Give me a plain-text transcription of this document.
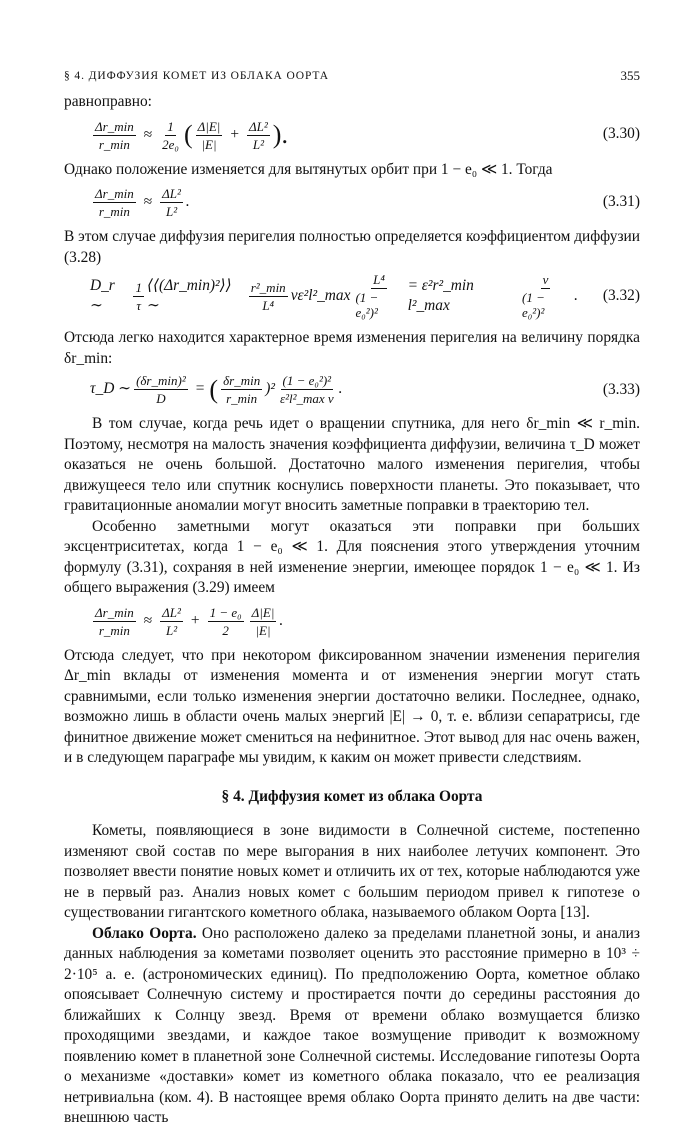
§ 4. ДИФФУЗИЯ КОМЕТ ИЗ ОБЛАКА ООРТА	355

равноправно:

$\frac{\Delta r\_\min}{r\_\min} \approx \frac{1}{\text{2e₀}}$ ( $\frac{\Delta|E|}{|E|} + \frac{\text{ΔL²}}{\text{L²}}$ ).	(3.30)

Однако положение изменяется для вытянутых орбит при 1 − e₀ ≪ 1. Тогда

$\frac{\Delta r\_\min}{r\_\min} \approx \frac{\text{ΔL²}}{\text{L²}}$ .	(3.31)

В этом случае диффузия перигелия полностью определяется коэффициентом диффузии (3.28)

D_r ∼	$\frac{1}{\tau}$ ⟨⟨(Δr_min)²⟩⟩ ∼	$\frac{\text{r²\_min}}{\text{L⁴}}$ νε²l²_max $\frac{\text{L⁴}}{\text{(1 − e₀²)²}}$ = ε²r²_min l²_max	$\frac{\nu}{\text{(1 − e₀²)²}}$ . (3.32)

Отсюда легко находится характерное время изменения перигелия на величину порядка δr_min:

τ_D ∼ $\frac{\text{(δr\_min)²}}{D}$ = ( $\frac{\delta r\_\min}{r\_\min} )^2 \frac{\text{(1 − e₀²)²}}{\text{ε²l²\_max ν}}$ .	(3.33)

В том случае, когда речь идет о вращении спутника, для него δr_min ≪ r_min. Поэтому, несмотря на малость значения коэффициента диффузии, величина τ_D может оказаться не очень большой. Достаточно малого изменения перигелия, чтобы движущееся тело или спутник коснулись поверхности планеты. Это показывает, что гравитационные аномалии могут вносить заметные поправки в траекторию тел.

Особенно заметными могут оказаться эти поправки при больших эксцентриситетах, когда 1 − e₀ ≪ 1. Для пояснения этого утверждения уточним формулу (3.31), сохраняя в ней изменение энергии, имеющее порядок 1 − e₀ ≪ 1. Из общего выражения (3.29) имеем

$\frac{\Delta r\_\min}{r\_\min} \approx \frac{\text{ΔL²}}{\text{L²}} + \frac{\text{1 − e₀}}{2} \frac{\Delta|E|}{|E|}$ .

Отсюда следует, что при некотором фиксированном значении изменения перигелия Δr_min вклады от изменения момента и от изменения энергии могут стать сравнимыми, если только изменения энергии достаточно велики. Последнее, однако, возможно лишь в области очень малых энергий |E| → 0, т. е. вблизи сепаратрисы, где финитное движение может смениться на нефинитное. Этот вывод для нас очень важен, и в следующем параграфе мы увидим, к каким он может привести следствиям.

§ 4. Диффузия комет из облака Оорта

Кометы, появляющиеся в зоне видимости в Солнечной системе, постепенно изменяют свой состав по мере выгорания в них наиболее летучих компонент. Это позволяет ввести понятие новых комет и отличить их от тех, которые наблюдаются уже не в первый раз. Анализ новых комет с большим периодом привел к гипотезе о существовании гигантского кометного облака, называемого облаком Оорта [13].

Облако Оорта. Оно расположено далеко за пределами планетной зоны, и анализ данных наблюдения за кометами позволяет оценить это расстояние примерно в 10³ ÷ 2·10⁵ а. е. (астрономических единиц). По предположению Оорта, кометное облако опоясывает Солнечную систему и простирается почти до середины расстояния до ближайших к Солнцу звезд. Время от времени облако возмущается близко проходящими звездами, и каждое такое возмущение приводит к возможному появлению комет в планетной зоне Солнечной системы. Исследование гипотезы Оорта о механизме «доставки» комет из кометного облака показало, что ее реализация нетривиальна (ком. 4). В настоящее время облако Оорта принято делить на две части: внешнюю часть
